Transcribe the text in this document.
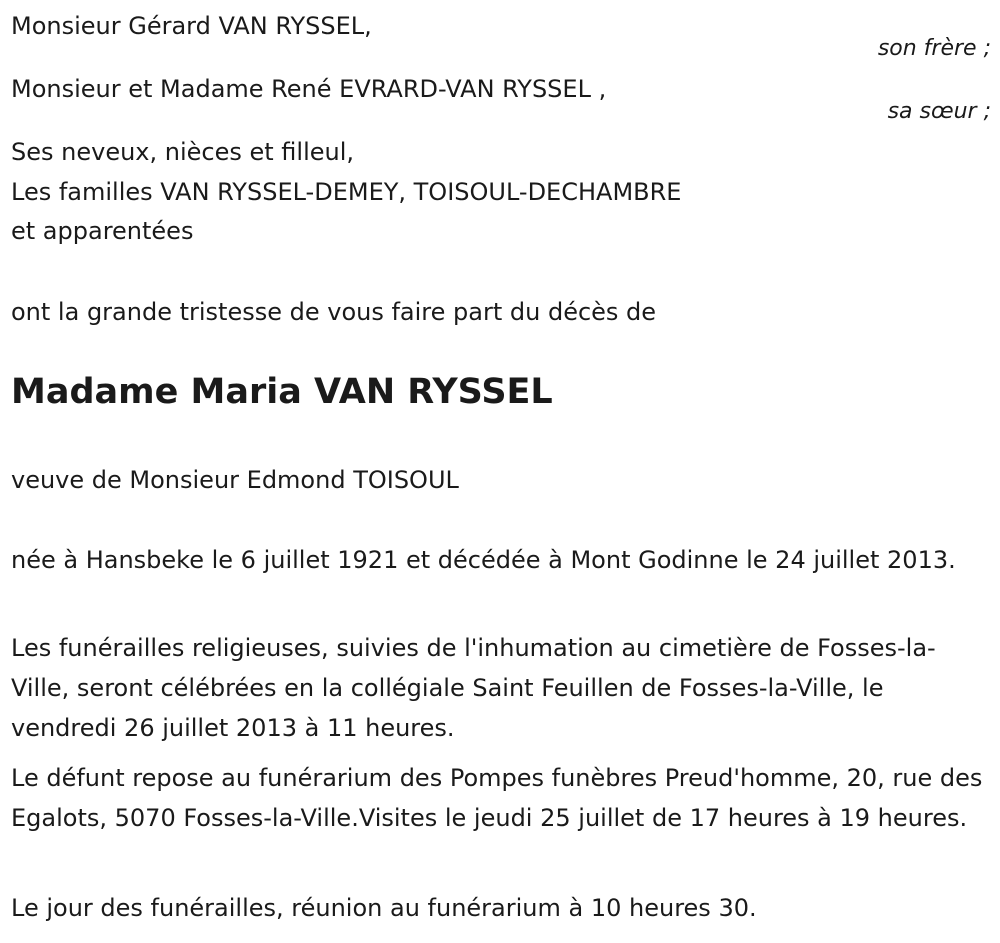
Monsieur Gérard VAN RYSSEL,
son frère ;
Monsieur et Madame René EVRARD-VAN RYSSEL ,
sa sœur ;
Ses neveux, nièces et filleul,
Les familles VAN RYSSEL-DEMEY, TOISOUL-DECHAMBRE
et apparentées
ont la grande tristesse de vous faire part du décès de
Madame Maria VAN RYSSEL
veuve de Monsieur Edmond TOISOUL
née à Hansbeke le 6 juillet 1921 et décédée à Mont Godinne le 24 juillet 2013.
Les funérailles religieuses, suivies de l'inhumation au cimetière de Fosses-la-Ville, seront célébrées en la collégiale Saint Feuillen de Fosses-la-Ville, le vendredi 26 juillet 2013 à 11 heures.
Le défunt repose au funérarium des Pompes funèbres Preud'homme, 20, rue des Egalots, 5070 Fosses-la-Ville.Visites le jeudi 25 juillet de 17 heures à 19 heures.
Le jour des funérailles, réunion au funérarium à 10 heures 30.
